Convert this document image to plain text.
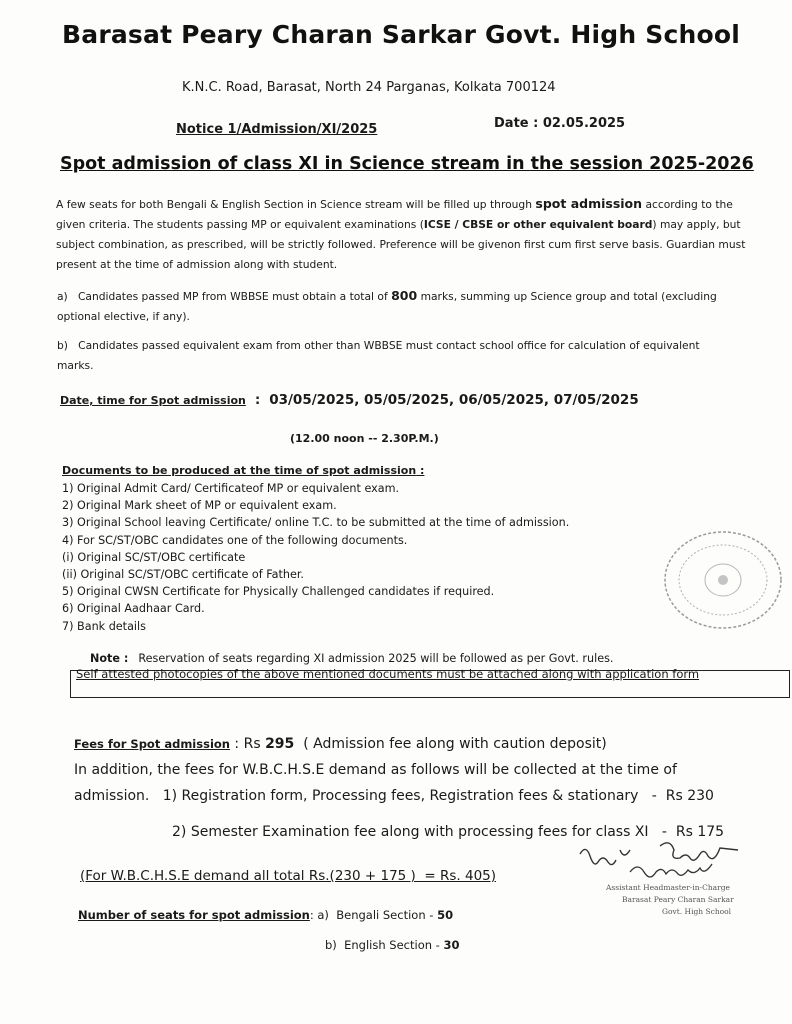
Barasat Peary Charan Sarkar Govt. High School
K.N.C. Road, Barasat, North 24 Parganas, Kolkata 700124
Notice 1/Admission/XI/2025	Date : 02.05.2025
Spot admission of class XI in Science stream in the session 2025-2026
A few seats for both Bengali & English Section in Science stream will be filled up through spot admission according to the given criteria. The students passing MP or equivalent examinations (ICSE / CBSE or other equivalent board) may apply, but subject combination, as prescribed, will be strictly followed. Preference will be givenon first cum first serve basis. Guardian must present at the time of admission along with student.
a) Candidates passed MP from WBBSE must obtain a total of 800 marks, summing up Science group and total (excluding optional elective, if any).
b) Candidates passed equivalent exam from other than WBBSE must contact school office for calculation of equivalent marks.
Date, time for Spot admission  :  03/05/2025, 05/05/2025, 06/05/2025, 07/05/2025
(12.00 noon -- 2.30P.M.)
Documents to be produced at the time of spot admission :
1) Original Admit Card/ Certificateof MP or equivalent exam.
2) Original Mark sheet of MP or equivalent exam.
3) Original School leaving Certificate/ online T.C. to be submitted at the time of admission.
4) For SC/ST/OBC candidates one of the following documents.
(i) Original SC/ST/OBC certificate
(ii) Original SC/ST/OBC certificate of Father.
5) Original CWSN Certificate for Physically Challenged candidates if required.
6) Original Aadhaar Card.
7) Bank details
Note : Reservation of seats regarding XI admission 2025 will be followed as per Govt. rules.
Self attested photocopies of the above mentioned documents must be attached along with application form
Fees for Spot admission : Rs 295  ( Admission fee along with caution deposit)
In addition, the fees for W.B.C.H.S.E demand as follows will be collected at the time of
admission.   1) Registration form, Processing fees, Registration fees & stationary   -  Rs 230
2) Semester Examination fee along with processing fees for class XI   -  Rs 175
(For W.B.C.H.S.E demand all total Rs.(230 + 175 )  = Rs. 405)
Number of seats for spot admission: a)  Bengali Section - 50
b)  English Section - 30
Assistant Headmaster-in-Charge
Barasat Peary Charan Sarkar
Govt. High School
